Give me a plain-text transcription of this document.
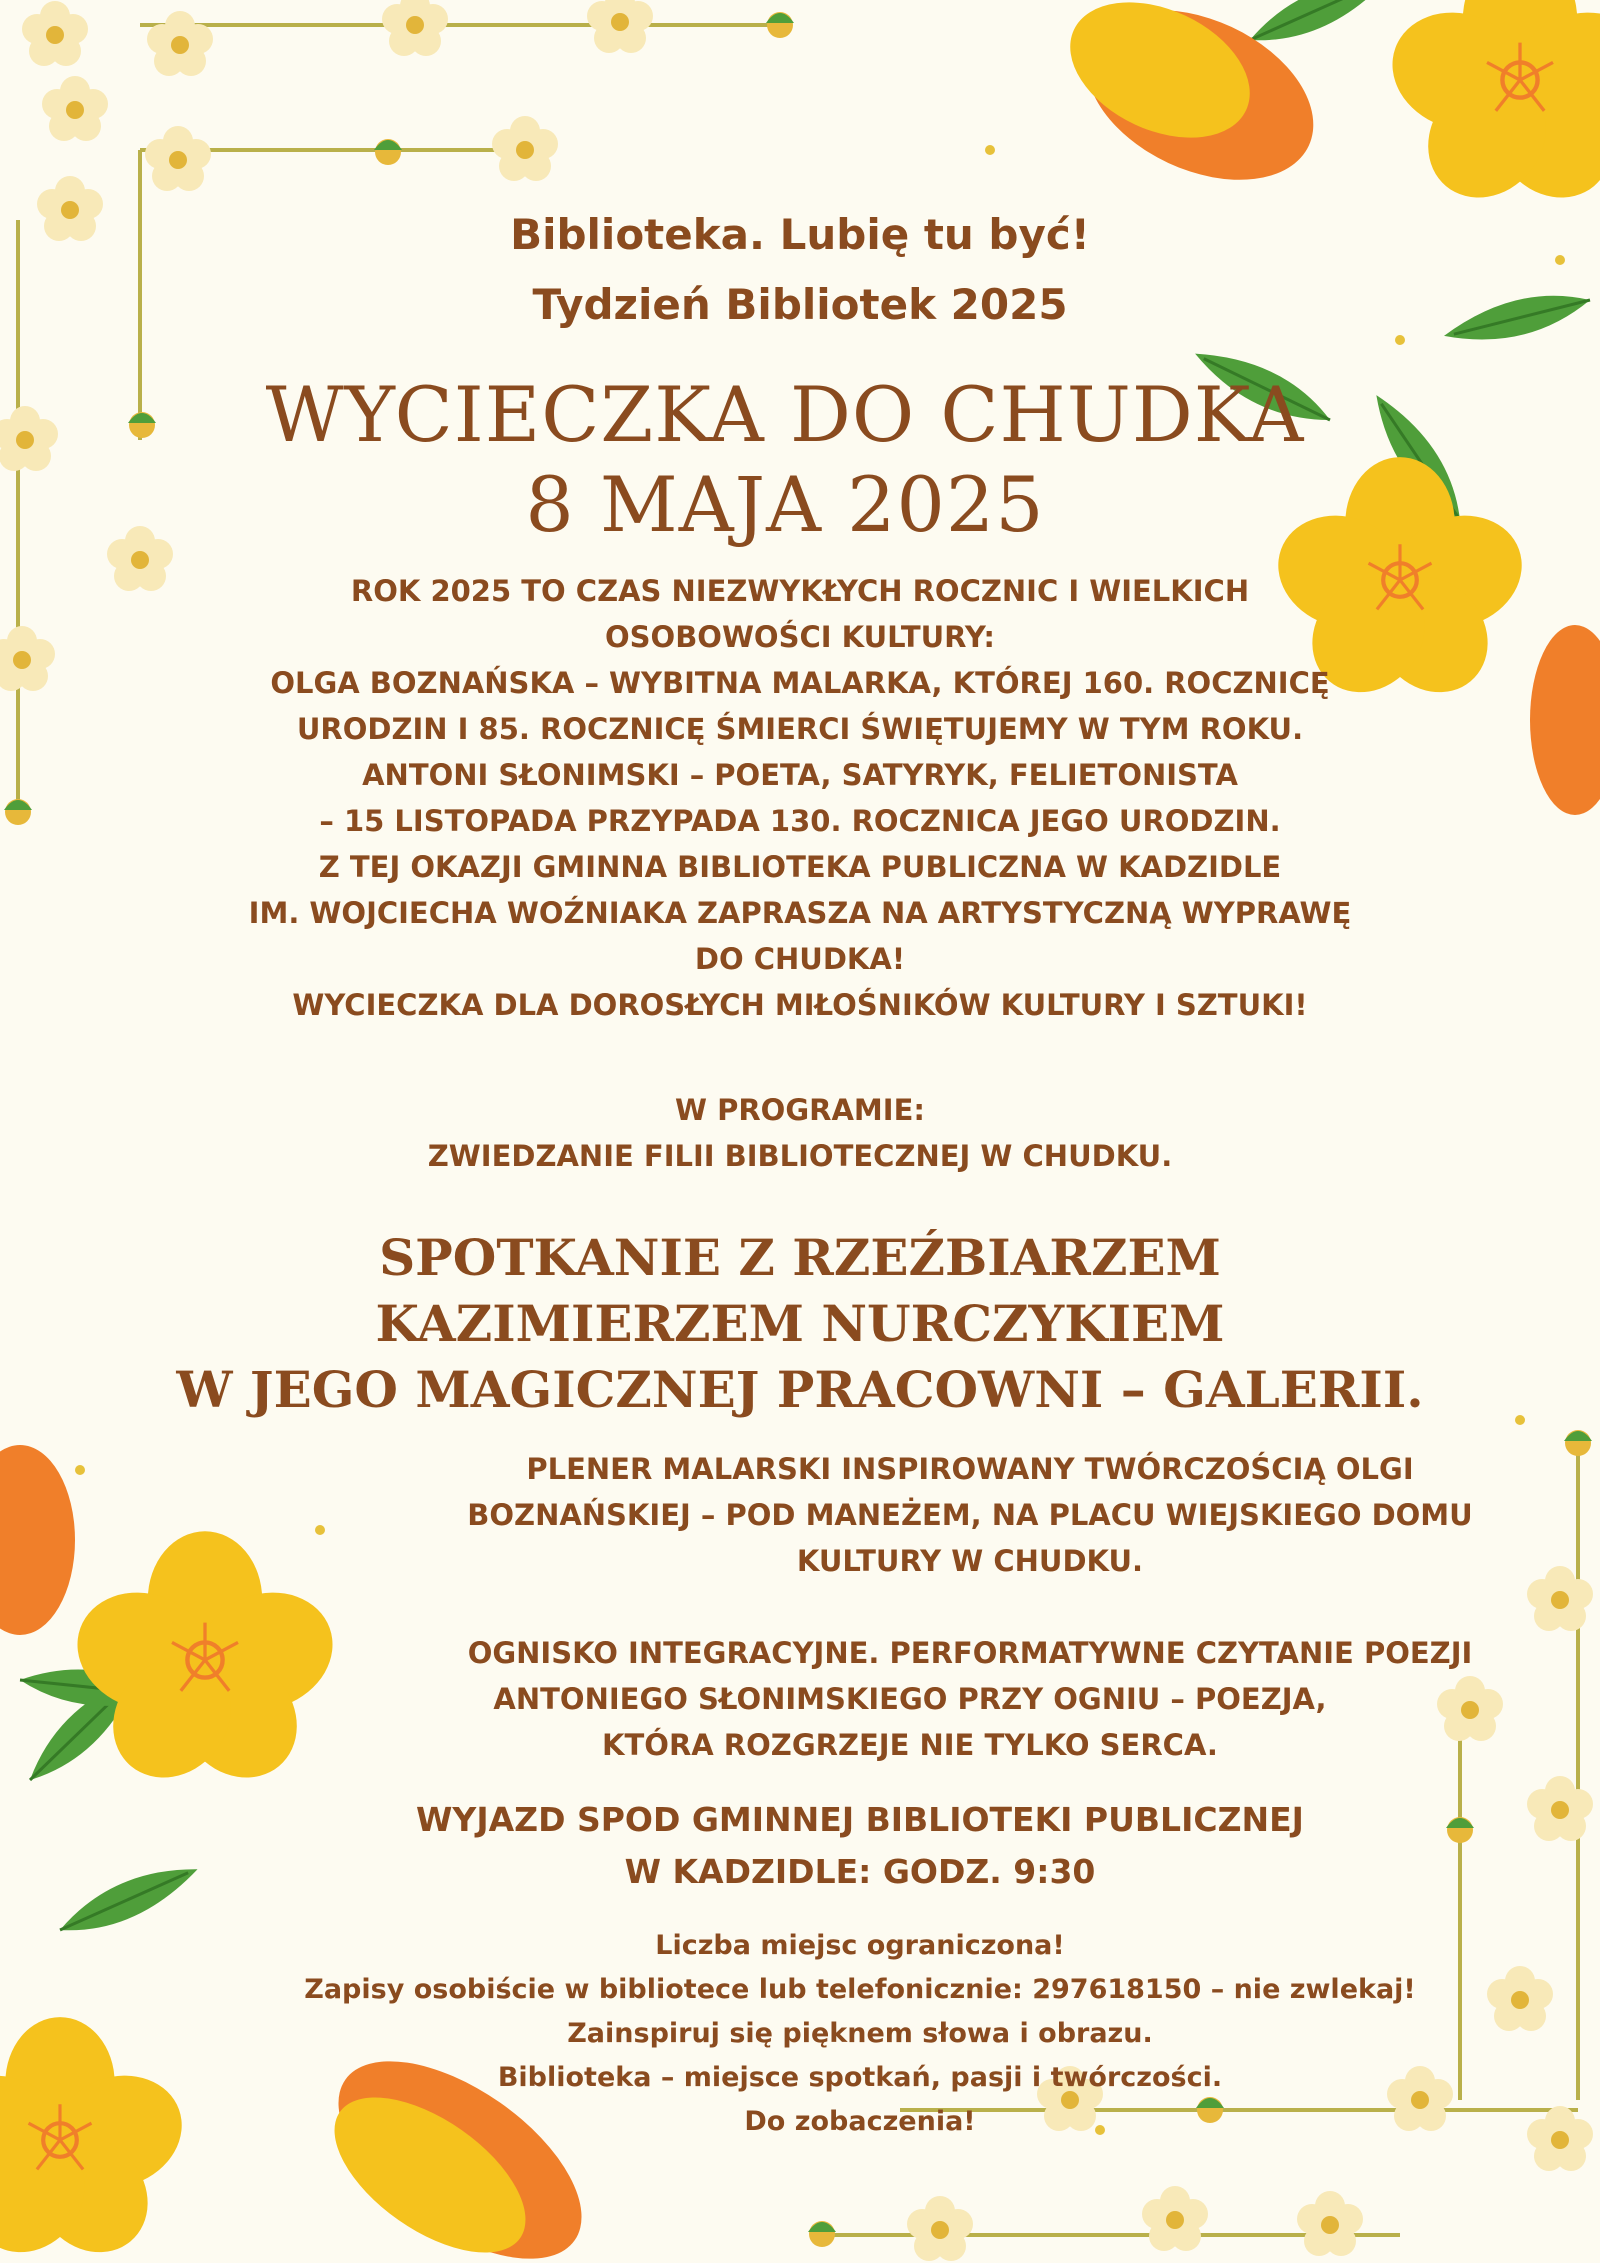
Biblioteka. Lubię tu być!
Tydzień Bibliotek 2025
WYCIECZKA DO CHUDKA
8 MAJA 2025
ROK 2025 TO CZAS NIEZWYKŁYCH ROCZNIC I WIELKICH
OSOBOWOŚCI KULTURY:
OLGA BOZNAŃSKA – WYBITNA MALARKA, KTÓREJ 160. ROCZNICĘ
URODZIN I 85. ROCZNICĘ ŚMIERCI ŚWIĘTUJEMY W TYM ROKU.
ANTONI SŁONIMSKI – POETA, SATYRYK, FELIETONISTA
– 15 LISTOPADA PRZYPADA 130. ROCZNICA JEGO URODZIN.
Z TEJ OKAZJI GMINNA BIBLIOTEKA PUBLICZNA W KADZIDLE
IM. WOJCIECHA WOŹNIAKA ZAPRASZA NA ARTYSTYCZNĄ WYPRAWĘ
DO CHUDKA!
WYCIECZKA DLA DOROSŁYCH MIŁOŚNIKÓW KULTURY I SZTUKI!
W PROGRAMIE:
ZWIEDZANIE FILII BIBLIOTECZNEJ W CHUDKU.
SPOTKANIE Z RZEŹBIARZEM
KAZIMIERZEM NURCZYKIEM
W JEGO MAGICZNEJ PRACOWNI – GALERII.
PLENER MALARSKI INSPIROWANY TWÓRCZOŚCIĄ OLGI
BOZNAŃSKIEJ – POD MANEŻEM, NA PLACU WIEJSKIEGO DOMU
KULTURY W CHUDKU.
OGNISKO INTEGRACYJNE. PERFORMATYWNE CZYTANIE POEZJI
ANTONIEGO SŁONIMSKIEGO PRZY OGNIU – POEZJA,
KTÓRA ROZGRZEJE NIE TYLKO SERCA.
WYJAZD SPOD GMINNEJ BIBLIOTEKI PUBLICZNEJ
W KADZIDLE: GODZ. 9:30
Liczba miejsc ograniczona!
Zapisy osobiście w bibliotece lub telefonicznie: 297618150 – nie zwlekaj!
Zainspiruj się pięknem słowa i obrazu.
Biblioteka – miejsce spotkań, pasji i twórczości.
Do zobaczenia!
